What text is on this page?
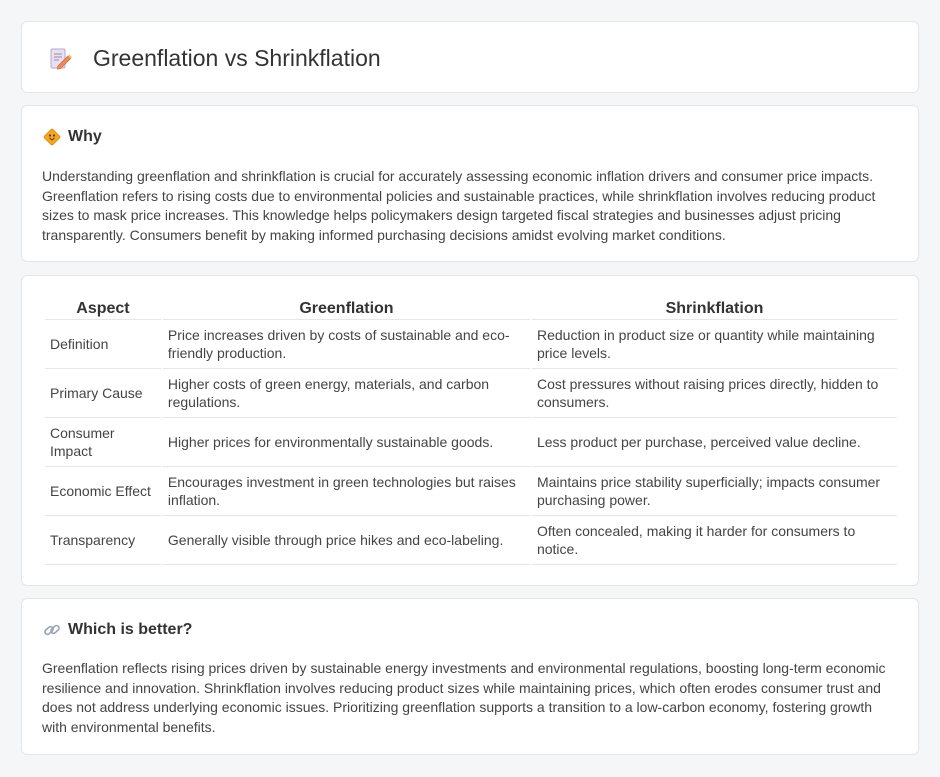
Greenflation vs Shrinkflation
Why

Understanding greenflation and shrinkflation is crucial for accurately assessing economic inflation drivers and consumer price impacts. Greenflation refers to rising costs due to environmental policies and sustainable practices, while shrinkflation involves reducing product sizes to mask price increases. This knowledge helps policymakers design targeted fiscal strategies and businesses adjust pricing transparently. Consumers benefit by making informed purchasing decisions amidst evolving market conditions.

Aspect	Greenflation	Shrinkflation
Definition	Price increases driven by costs of sustainable and eco-friendly production.	Reduction in product size or quantity while maintaining price levels.
Primary Cause	Higher costs of green energy, materials, and carbon regulations.	Cost pressures without raising prices directly, hidden to consumers.
Consumer Impact	Higher prices for environmentally sustainable goods.	Less product per purchase, perceived value decline.
Economic Effect	Encourages investment in green technologies but raises inflation.	Maintains price stability superficially; impacts consumer purchasing power.
Transparency	Generally visible through price hikes and eco-labeling.	Often concealed, making it harder for consumers to notice.
Which is better?

Greenflation reflects rising prices driven by sustainable energy investments and environmental regulations, boosting long-term economic resilience and innovation. Shrinkflation involves reducing product sizes while maintaining prices, which often erodes consumer trust and does not address underlying economic issues. Prioritizing greenflation supports a transition to a low-carbon economy, fostering growth with environmental benefits.
